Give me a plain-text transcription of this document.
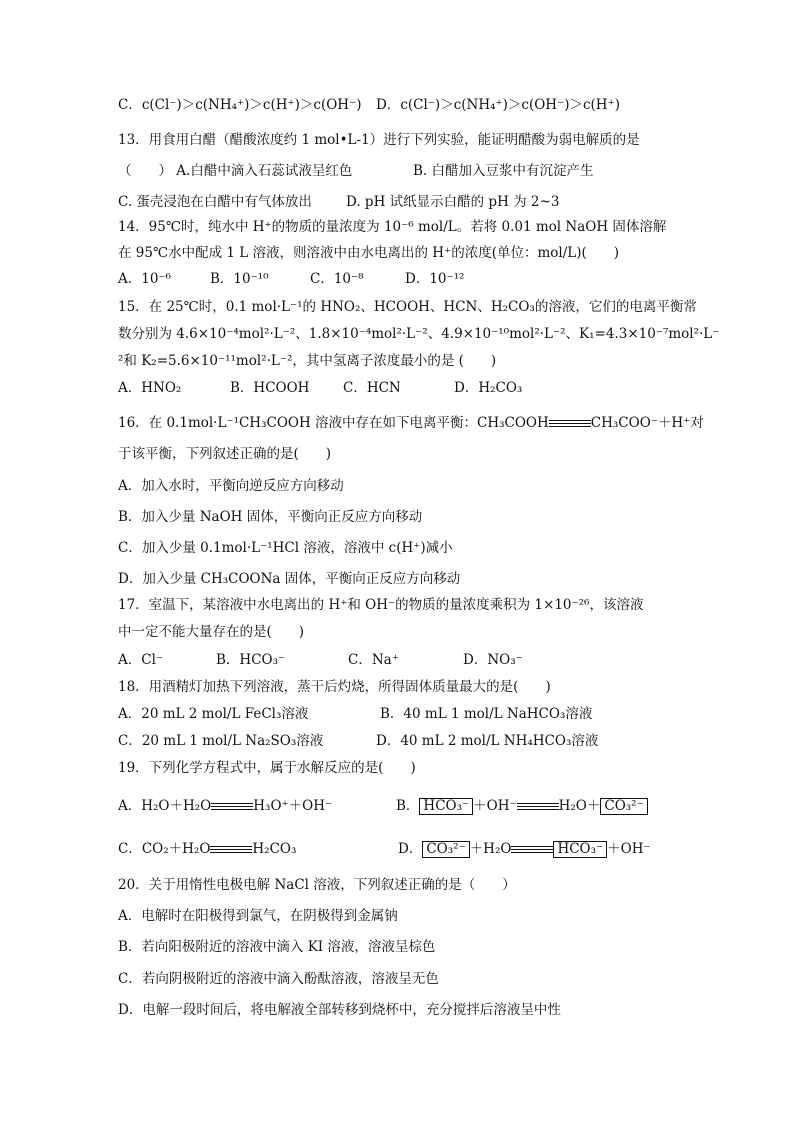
C．c(Cl⁻)＞c(NH₄⁺)＞c(H⁺)＞c(OH⁻) D．c(Cl⁻)＞c(NH₄⁺)＞c(OH⁻)＞c(H⁺)
13．用食用白醋（醋酸浓度约 1 mol•L-1）进行下列实验，能证明醋酸为弱电解质的是
（　　） A.白醋中滴入石蕊试液呈红色	B. 白醋加入豆浆中有沉淀产生
C. 蛋壳浸泡在白醋中有气体放出	D. pH 试纸显示白醋的 pH 为 2~3
14．95℃时，纯水中 H⁺的物质的量浓度为 10⁻⁶ mol/L。若将 0.01 mol NaOH 固体溶解
在 95℃水中配成 1 L 溶液，则溶液中由水电离出的 H⁺的浓度(单位：mol/L)(　　)
A．10⁻⁶	B．10⁻¹⁰	C．10⁻⁸	D．10⁻¹²
15．在 25℃时，0.1 mol·L⁻¹的 HNO₂、HCOOH、HCN、H₂CO₃的溶液，它们的电离平衡常
数分别为 4.6×10⁻⁴mol²·L⁻²、1.8×10⁻⁴mol²·L⁻²、4.9×10⁻¹⁰mol²·L⁻²、K₁=4.3×10⁻⁷mol²·L⁻
²和 K₂=5.6×10⁻¹¹mol²·L⁻²，其中氢离子浓度最小的是 (　　)
A．HNO₂	B．HCOOH C．HCN	D．H₂CO₃
16．在 0.1mol·L⁻¹CH₃COOH 溶液中存在如下电离平衡：CH₃COOH	CH₃COO⁻＋H⁺对
于该平衡，下列叙述正确的是(　　)
A．加入水时，平衡向逆反应方向移动
B．加入少量 NaOH 固体，平衡向正反应方向移动
C．加入少量 0.1mol·L⁻¹HCl 溶液，溶液中 c(H⁺)减小
D．加入少量 CH₃COONa 固体，平衡向正反应方向移动
17．室温下，某溶液中水电离出的 H⁺和 OH⁻的物质的量浓度乘积为 1×10⁻²⁶，该溶液
中一定不能大量存在的是(　　)
A．Cl⁻	B．HCO₃⁻	C．Na⁺	D．NO₃⁻
18．用酒精灯加热下列溶液，蒸干后灼烧，所得固体质量最大的是(　　)
A．20 mL 2 mol/L FeCl₃溶液	B．40 mL 1 mol/L NaHCO₃溶液
C．20 mL 1 mol/L Na₂SO₃溶液	D．40 mL 2 mol/L NH₄HCO₃溶液
19．下列化学方程式中，属于水解反应的是(　　)
A．H₂O＋H₂O	H₃O⁺＋OH⁻	B． HCO₃⁻ ＋OH⁻	H₂O＋ CO₃²⁻
C．CO₂＋H₂O	H₂CO₃	D． CO₃²⁻ ＋H₂O	HCO₃⁻ ＋OH⁻
20．关于用惰性电极电解 NaCl 溶液，下列叙述正确的是（　　）
A．电解时在阳极得到氯气，在阴极得到金属钠
B．若向阳极附近的溶液中滴入 KI 溶液，溶液呈棕色
C．若向阴极附近的溶液中滴入酚酞溶液，溶液呈无色
D．电解一段时间后，将电解液全部转移到烧杯中，充分搅拌后溶液呈中性
